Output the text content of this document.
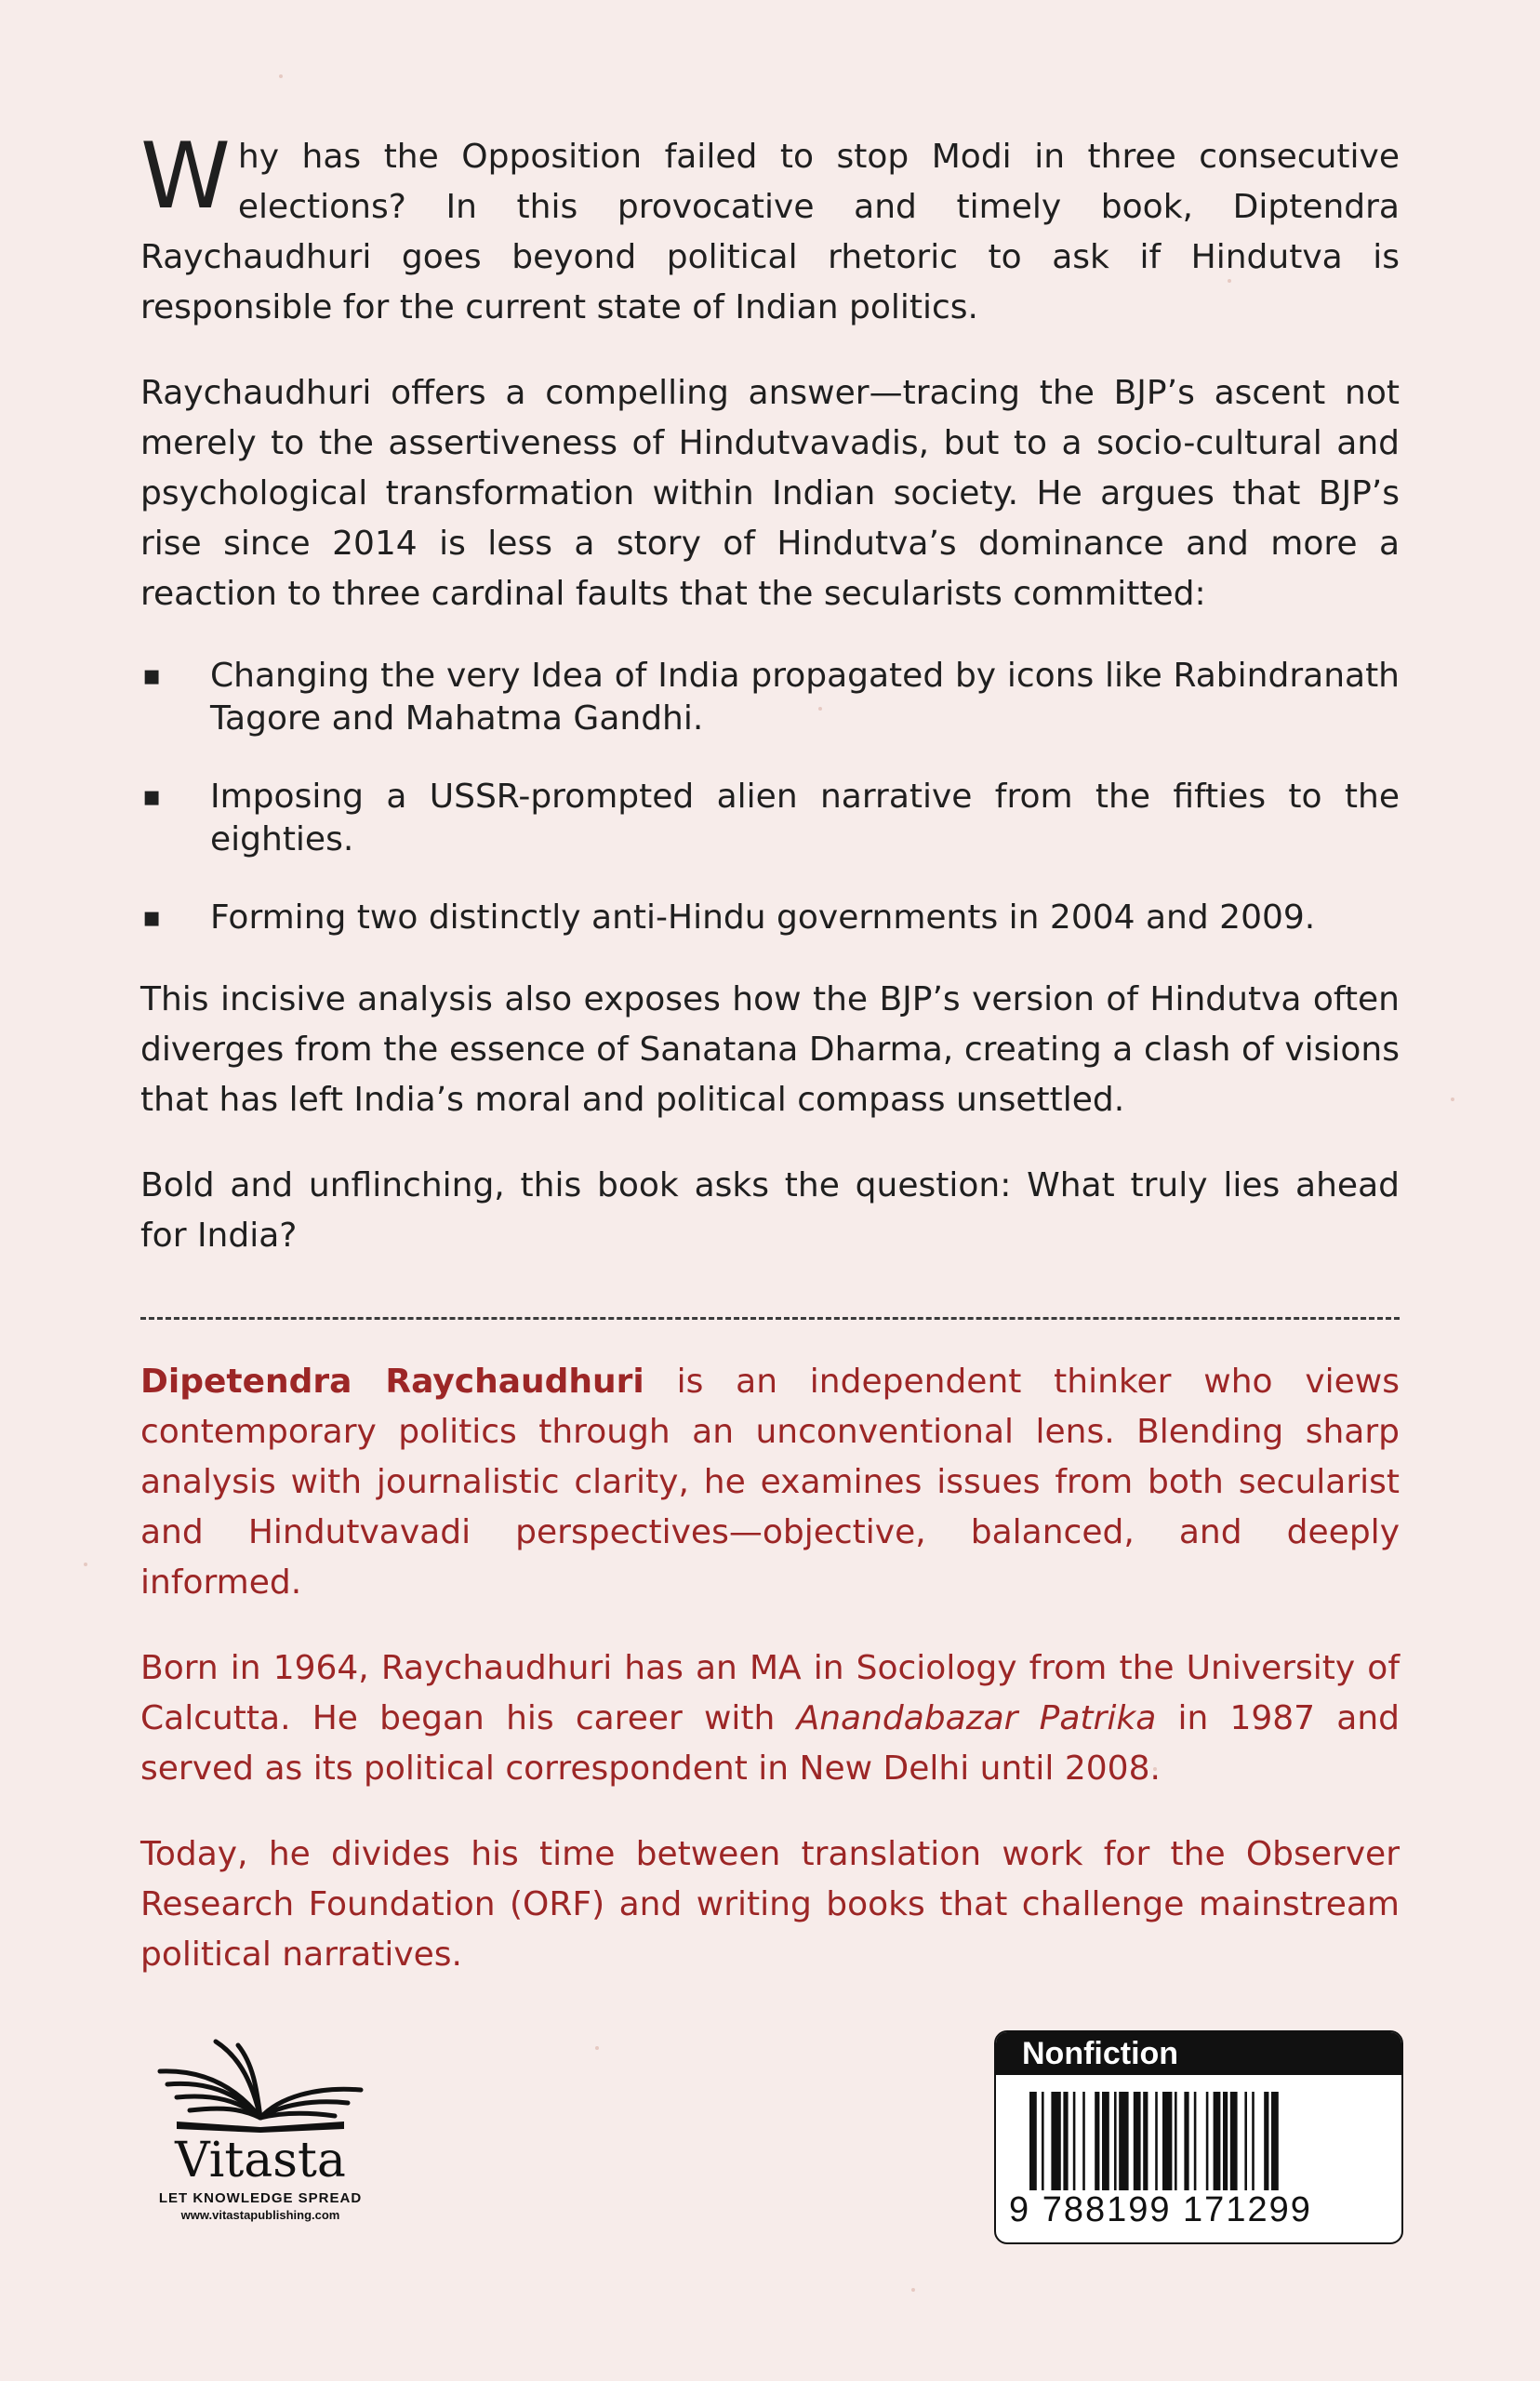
Why has the Opposition failed to stop Modi in three consecutive elections? In this provocative and timely book, Diptendra Raychaudhuri goes beyond political rhetoric to ask if Hindutva is responsible for the current state of Indian politics.

Raychaudhuri offers a compelling answer—tracing the BJP’s ascent not merely to the assertiveness of Hindutvavadis, but to a socio-cultural and psychological transformation within Indian society. He argues that BJP’s rise since 2014 is less a story of Hindutva’s dominance and more a reaction to three cardinal faults that the secularists committed:

▪ Changing the very Idea of India propagated by icons like Rabindranath Tagore and Mahatma Gandhi.
▪ Imposing a USSR-prompted alien narrative from the fifties to the eighties.
▪ Forming two distinctly anti-Hindu governments in 2004 and 2009.

This incisive analysis also exposes how the BJP’s version of Hindutva often diverges from the essence of Sanatana Dharma, creating a clash of visions that has left India’s moral and political compass unsettled.

Bold and unflinching, this book asks the question: What truly lies ahead for India?

Dipetendra Raychaudhuri is an independent thinker who views contemporary politics through an unconventional lens. Blending sharp analysis with journalistic clarity, he examines issues from both secularist and Hindutvavadi perspectives—objective, balanced, and deeply informed.

Born in 1964, Raychaudhuri has an MA in Sociology from the University of Calcutta. He began his career with Anandabazar Patrika in 1987 and served as its political correspondent in New Delhi until 2008.

Today, he divides his time between translation work for the Observer Research Foundation (ORF) and writing books that challenge mainstream political narratives.

Vitasta
LET KNOWLEDGE SPREAD
www.vitastapublishing.com
Nonfiction
9 788199 171299
